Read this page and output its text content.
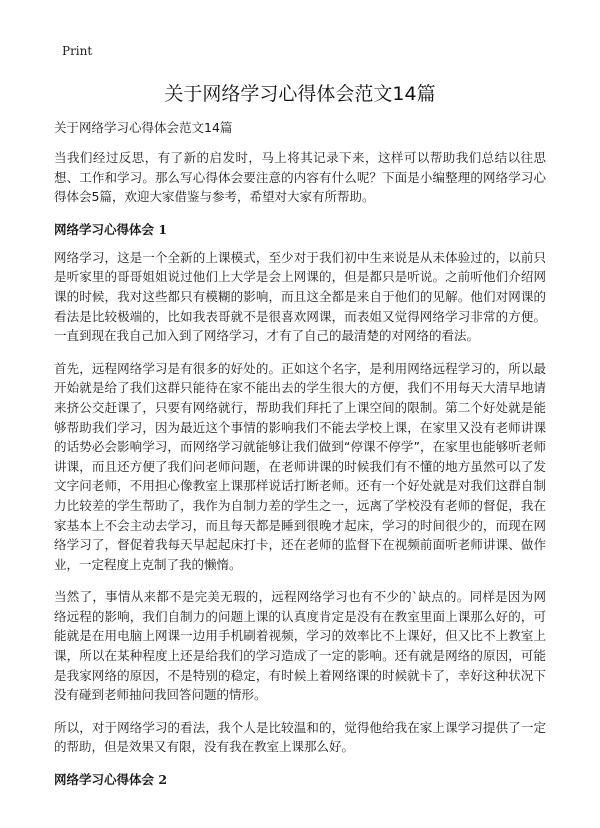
Print
关于网络学习心得体会范文14篇

关于网络学习心得体会范文14篇

当我们经过反思，有了新的启发时，马上将其记录下来，这样可以帮助我们总结以往思想、工作和学习。那么写心得体会要注意的内容有什么呢？下面是小编整理的网络学习心得体会5篇，欢迎大家借鉴与参考，希望对大家有所帮助。

网络学习心得体会 1

网络学习，这是一个全新的上课模式，至少对于我们初中生来说是从未体验过的，以前只是听家里的哥哥姐姐说过他们上大学是会上网课的，但是都只是听说。之前听他们介绍网课的时候，我对这些都只有模糊的影响，而且这全都是来自于他们的见解。他们对网课的看法是比较极端的，比如我表哥就不是很喜欢网课，而表姐又觉得网络学习非常的方便。一直到现在我自己加入到了网络学习，才有了自己的最清楚的对网络的看法。

首先，远程网络学习是有很多的好处的。正如这个名字，是利用网络远程学习的，所以最开始就是给了我们这群只能待在家不能出去的学生很大的方便，我们不用每天大清早地请来挤公交赶课了，只要有网络就行，帮助我们拜托了上课空间的限制。第二个好处就是能够帮助我们学习，因为最近这个事情的影响我们不能去学校上课，在家里又没有老师讲课的话势必会影响学习，而网络学习就能够让我们做到“停课不停学”，在家里也能够听老师讲课，而且还方便了我们问老师问题，在老师讲课的时候我们有不懂的地方虽然可以了发文字问老师，不用担心像教室上课那样说话打断老师。还有一个好处就是对我们这群自制力比较差的学生帮助了，我作为自制力差的学生之一，远离了学校没有老师的督促，我在家基本上不会主动去学习，而且每天都是睡到很晚才起床，学习的时间很少的，而现在网络学习了，督促着我每天早起起床打卡，还在老师的监督下在视频前面听老师讲课、做作业，一定程度上克制了我的懒惰。

当然了，事情从来都不是完美无瑕的，远程网络学习也有不少的`缺点的。同样是因为网络远程的影响，我们自制力的问题上课的认真度肯定是没有在教室里面上课那么好的，可能就是在用电脑上网课一边用手机刷着视频，学习的效率比不上课好，但又比不上教室上课，所以在某种程度上还是给我们的学习造成了一定的影响。还有就是网络的原因，可能是我家网络的原因，不是特别的稳定，有时候上着网络课的时候就卡了，幸好这种状况下没有碰到老师抽问我回答问题的情形。

所以，对于网络学习的看法，我个人是比较温和的，觉得他给我在家上课学习提供了一定的帮助，但是效果又有限，没有我在教室上课那么好。

网络学习心得体会 2
